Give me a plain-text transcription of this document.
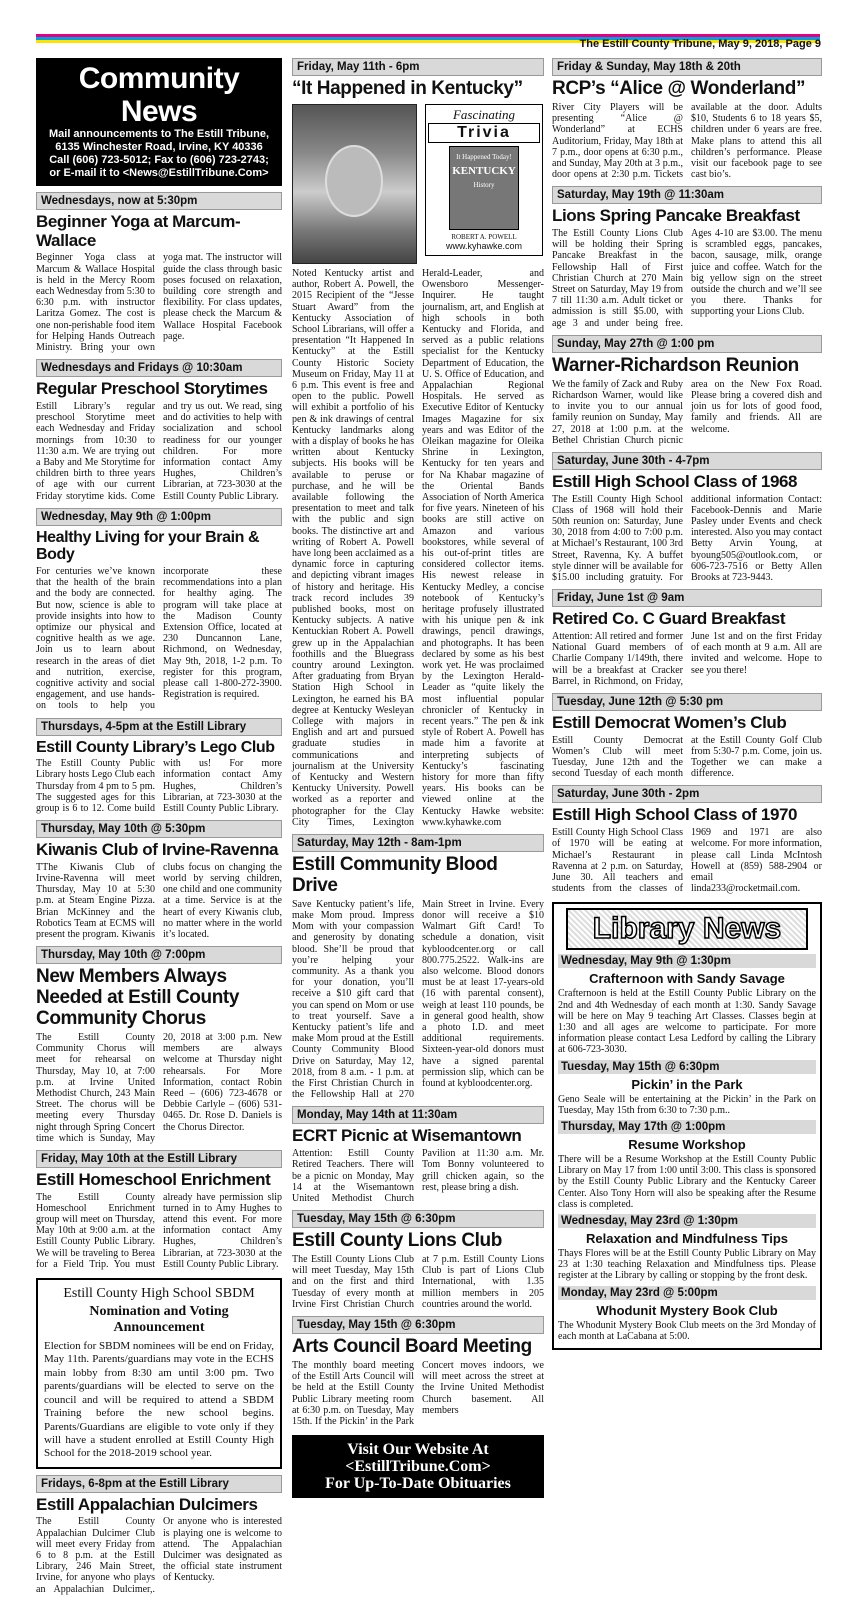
The Estill County Tribune, May 9, 2018, Page 9
Community News

Mail announcements to The Estill Tribune,

6135 Winchester Road, Irvine, KY 40336

Call (606) 723-5012; Fax to (606) 723-2743;

or E-mail it to <News@EstillTribune.Com>

Wednesdays, now at 5:30pm
Beginner Yoga at Marcum-Wallace
Beginner Yoga class at Marcum & Wallace Hospital is held in the Mercy Room each Wednesday from 5:30 to 6:30 p.m. with instructor Laritza Gomez. The cost is one non-perishable food item for Helping Hands Outreach Ministry. Bring your own yoga mat. The instructor will guide the class through basic poses focused on relaxation, building core strength and flexibility. For class updates, please check the Marcum & Wallace Hospital Facebook page.
Wednesdays and Fridays @ 10:30am
Regular Preschool Storytimes
Estill Library’s regular preschool Storytime meet each Wednesday and Friday mornings from 10:30 to 11:30 a.m. We are trying out a Baby and Me Storytime for children birth to three years of age with our current Friday storytime kids. Come and try us out. We read, sing and do activities to help with socialization and school readiness for our younger children. For more information contact Amy Hughes, Children’s Librarian, at 723-3030 at the Estill County Public Library.
Wednesday, May 9th @ 1:00pm
Healthy Living for your Brain & Body
For centuries we’ve known that the health of the brain and the body are connected. But now, science is able to provide insights into how to optimize our physical and cognitive health as we age. Join us to learn about research in the areas of diet and nutrition, exercise, cognitive activity and social engagement, and use hands-on tools to help you incorporate these recommendations into a plan for healthy aging. The program will take place at the Madison County Extension Office, located at 230 Duncannon Lane, Richmond, on Wednesday, May 9th, 2018, 1-2 p.m. To register for this program, please call 1-800-272-3900. Registration is required.
Thursdays, 4-5pm at the Estill Library
Estill County Library’s Lego Club
The Estill County Public Library hosts Lego Club each Thursday from 4 pm to 5 pm. The suggested ages for this group is 6 to 12. Come build with us! For more information contact Amy Hughes, Children’s Librarian, at 723-3030 at the Estill County Public Library.
Thursday, May 10th @ 5:30pm
Kiwanis Club of Irvine-Ravenna
TThe Kiwanis Club of Irvine-Ravenna will meet Thursday, May 10 at 5:30 p.m. at Steam Engine Pizza. Brian McKinney and the Robotics Team at ECMS will present the program. Kiwanis clubs focus on changing the world by serving children, one child and one community at a time. Service is at the heart of every Kiwanis club, no matter where in the world it’s located.
Thursday, May 10th @ 7:00pm
New Members Always Needed at Estill County Community Chorus
The Estill County Community Chorus will meet for rehearsal on Thursday, May 10, at 7:00 p.m. at Irvine United Methodist Church, 243 Main Street. The chorus will be meeting every Thursday night through Spring Concert time which is Sunday, May 20, 2018 at 3:00 p.m. New members are always welcome at Thursday night rehearsals. For More Information, contact Robin Reed – (606) 723-4678 or Debbie Carlyle – (606) 531-0465. Dr. Rose D. Daniels is the Chorus Director.
Friday, May 10th at the Estill Library
Estill Homeschool Enrichment
The Estill County Homeschool Enrichment group will meet on Thursday, May 10th at 9:00 a.m. at the Estill County Public Library. We will be traveling to Berea for a Field Trip. You must already have permission slip turned in to Amy Hughes to attend this event. For more information contact Amy Hughes, Children’s Librarian, at 723-3030 at the Estill County Public Library.
Estill County High School SBDM
Nomination and Voting Announcement

Election for SBDM nominees will be end on Friday, May 11th. Parents/guardians may vote in the ECHS main lobby from 8:30 am until 3:00 pm. Two parents/guardians will be elected to serve on the council and will be required to attend a SBDM Training before the new school begins. Parents/Guardians are eligible to vote only if they will have a student enrolled at Estill County High School for the 2018-2019 school year.

Fridays, 6-8pm at the Estill Library
Estill Appalachian Dulcimers
The Estill County Appalachian Dulcimer Club will meet every Friday from 6 to 8 p.m. at the Estill Library, 246 Main Street, Irvine, for anyone who plays an Appalachian Dulcimer,. Or anyone who is interested is playing one is welcome to attend. The Appalachian Dulcimer was designated as the official state instrument of Kentucky.
Friday, May 11th - 6pm
“It Happened in Kentucky”
Fascinating
Trivia
It Happened Today!
KENTUCKY
History
ROBERT A. POWELL
www.kyhawke.com
Noted Kentucky artist and author, Robert A. Powell, the 2015 Recipient of the “Jesse Stuart Award” from the Kentucky Association of School Librarians, will offer a presentation “It Happened In Kentucky” at the Estill County Historic Society Museum on Friday, May 11 at 6 p.m. This event is free and open to the public. Powell will exhibit a portfolio of his pen & ink drawings of central Kentucky landmarks along with a display of books he has written about Kentucky subjects. His books will be available to peruse or purchase, and he will be available following the presentation to meet and talk with the public and sign books. The distinctive art and writing of Robert A. Powell have long been acclaimed as a dynamic force in capturing and depicting vibrant images of history and heritage. His track record includes 39 published books, most on Kentucky subjects. A native Kentuckian Robert A. Powell grew up in the Appalachian foothills and the Bluegrass country around Lexington. After graduating from Bryan Station High School in Lexington, he earned his BA degree at Kentucky Wesleyan College with majors in English and art and pursued graduate studies in communications and journalism at the University of Kentucky and Western Kentucky University. Powell worked as a reporter and photographer for the Clay City Times, Lexington Herald-Leader, and Owensboro Messenger-Inquirer. He taught journalism, art, and English at high schools in both Kentucky and Florida, and served as a public relations specialist for the Kentucky Department of Education, the U. S. Office of Education, and Appalachian Regional Hospitals. He served as Executive Editor of Kentucky Images Magazine for six years and was Editor of the Oleikan magazine for Oleika Shrine in Lexington, Kentucky for ten years and for Na Khabar magazine of the Oriental Bands Association of North America for five years. Nineteen of his books are still active on Amazon and various bookstores, while several of his out-of-print titles are considered collector items. His newest release in Kentucky Medley, a concise notebook of Kentucky’s heritage profusely illustrated with his unique pen & ink drawings, pencil drawings, and photographs. It has been declared by some as his best work yet. He was proclaimed by the Lexington Herald-Leader as “quite likely the most influential popular chronicler of Kentucky in recent years.” The pen & ink style of Robert A. Powell has made him a favorite at interpreting subjects of Kentucky’s fascinating history for more than fifty years. His books can be viewed online at the Kentucky Hawke website: www.kyhawke.com
Saturday, May 12th - 8am-1pm
Estill Community Blood Drive
Save Kentucky patient’s life, make Mom proud. Impress Mom with your compassion and generosity by donating blood. She’ll be proud that you’re helping your community. As a thank you for your donation, you’ll receive a $10 gift card that you can spend on Mom or use to treat yourself. Save a Kentucky patient’s life and make Mom proud at the Estill County Community Blood Drive on Saturday, May 12, 2018, from 8 a.m. - 1 p.m. at the First Christian Church in the Fellowship Hall at 270 Main Street in Irvine. Every donor will receive a $10 Walmart Gift Card! To schedule a donation, visit kybloodcenter.org or call 800.775.2522. Walk-ins are also welcome. Blood donors must be at least 17-years-old (16 with parental consent), weigh at least 110 pounds, be in general good health, show a photo I.D. and meet additional requirements. Sixteen-year-old donors must have a signed parental permission slip, which can be found at kybloodcenter.org.
Monday, May 14th at 11:30am
ECRT Picnic at Wisemantown
Attention: Estill County Retired Teachers. There will be a picnic on Monday, May 14 at the Wisemantown United Methodist Church Pavilion at 11:30 a.m. Mr. Tom Bonny volunteered to grill chicken again, so the rest, please bring a dish.
Tuesday, May 15th @ 6:30pm
Estill County Lions Club
The Estill County Lions Club will meet Tuesday, May 15th and on the first and third Tuesday of every month at Irvine First Christian Church at 7 p.m. Estill County Lions Club is part of Lions Club International, with 1.35 million members in 205 countries around the world.
Tuesday, May 15th @ 6:30pm
Arts Council Board Meeting
The monthly board meeting of the Estill Arts Council will be held at the Estill County Public Library meeting room at 6:30 p.m. on Tuesday, May 15th. If the Pickin’ in the Park Concert moves indoors, we will meet across the street at the Irvine United Methodist Church basement. All members
Visit Our Website At
<EstillTribune.Com>
For Up-To-Date Obituaries
Friday & Sunday, May 18th & 20th
RCP’s “Alice @ Wonderland”
River City Players will be presenting “Alice @ Wonderland” at ECHS Auditorium, Friday, May 18th at 7 p.m., door opens at 6:30 p.m., and Sunday, May 20th at 3 p.m., door opens at 2:30 p.m. Tickets available at the door. Adults $10, Students 6 to 18 years $5, children under 6 years are free. Make plans to attend this all children’s performance. Please visit our facebook page to see cast bio’s.
Saturday, May 19th @ 11:30am
Lions Spring Pancake Breakfast
The Estill County Lions Club will be holding their Spring Pancake Breakfast in the Fellowship Hall of First Christian Church at 270 Main Street on Saturday, May 19 from 7 till 11:30 a.m. Adult ticket or admission is still $5.00, with age 3 and under being free. Ages 4-10 are $3.00. The menu is scrambled eggs, pancakes, bacon, sausage, milk, orange juice and coffee. Watch for the big yellow sign on the street outside the church and we’ll see you there. Thanks for supporting your Lions Club.
Sunday, May 27th @ 1:00 pm
Warner-Richardson Reunion
We the family of Zack and Ruby Richardson Warner, would like to invite you to our annual family reunion on Sunday, May 27, 2018 at 1:00 p.m. at the Bethel Christian Church picnic area on the New Fox Road. Please bring a covered dish and join us for lots of good food, family and friends. All are welcome.
Saturday, June 30th - 4-7pm
Estill High School Class of 1968
The Estill County High School Class of 1968 will hold their 50th reunion on: Saturday, June 30, 2018 from 4:00 to 7:00 p.m. at Michael’s Restaurant, 100 3rd Street, Ravenna, Ky. A buffet style dinner will be available for $15.00 including gratuity. For additional information Contact: Facebook-Dennis and Marie Pasley under Events and check interested. Also you may contact Betty Arvin Young, at byoung505@outlook.com, or 606-723-7516 or Betty Allen Brooks at 723-9443.
Friday, June 1st @ 9am
Retired Co. C Guard Breakfast
Attention: All retired and former National Guard members of Charlie Company 1/149th, there will be a breakfast at Cracker Barrel, in Richmond, on Friday, June 1st and on the first Friday of each month at 9 a.m. All are invited and welcome. Hope to see you there!
Tuesday, June 12th @ 5:30 pm
Estill Democrat Women’s Club
Estill County Democrat Women’s Club will meet Tuesday, June 12th and the second Tuesday of each month at the Estill County Golf Club from 5:30-7 p.m. Come, join us. Together we can make a difference.
Saturday, June 30th - 2pm
Estill High School Class of 1970
Estill County High School Class of 1970 will be eating at Michael’s Restaurant in Ravenna at 2 p.m. on Saturday, June 30. All teachers and students from the classes of 1969 and 1971 are also welcome. For more information, please call Linda McIntosh Howell at (859) 588-2904 or email linda233@rocketmail.com.
Library News
Wednesday, May 9th @ 1:30pm
Crafternoon with Sandy Savage
Crafternoon is held at the Estill County Public Library on the 2nd and 4th Wednesday of each month at 1:30. Sandy Savage will be here on May 9 teaching Art Classes. Classes begin at 1:30 and all ages are welcome to participate. For more information please contact Lesa Ledford by calling the Library at 606-723-3030.
Tuesday, May 15th @ 6:30pm
Pickin’ in the Park
Geno Seale will be entertaining at the Pickin’ in the Park on Tuesday, May 15th from 6:30 to 7:30 p.m..
Thursday, May 17th @ 1:00pm
Resume Workshop
There will be a Resume Workshop at the Estill County Public Library on May 17 from 1:00 until 3:00. This class is sponsored by the Estill County Public Library and the Kentucky Career Center. Also Tony Horn will also be speaking after the Resume class is completed.
Wednesday, May 23rd @ 1:30pm
Relaxation and Mindfulness Tips
Thays Flores will be at the Estill County Public Library on May 23 at 1:30 teaching Relaxation and Mindfulness tips. Please register at the Library by calling or stopping by the front desk.
Monday, May 23rd @ 5:00pm
Whodunit Mystery Book Club
The Whodunit Mystery Book Club meets on the 3rd Monday of each month at LaCabana at 5:00.
